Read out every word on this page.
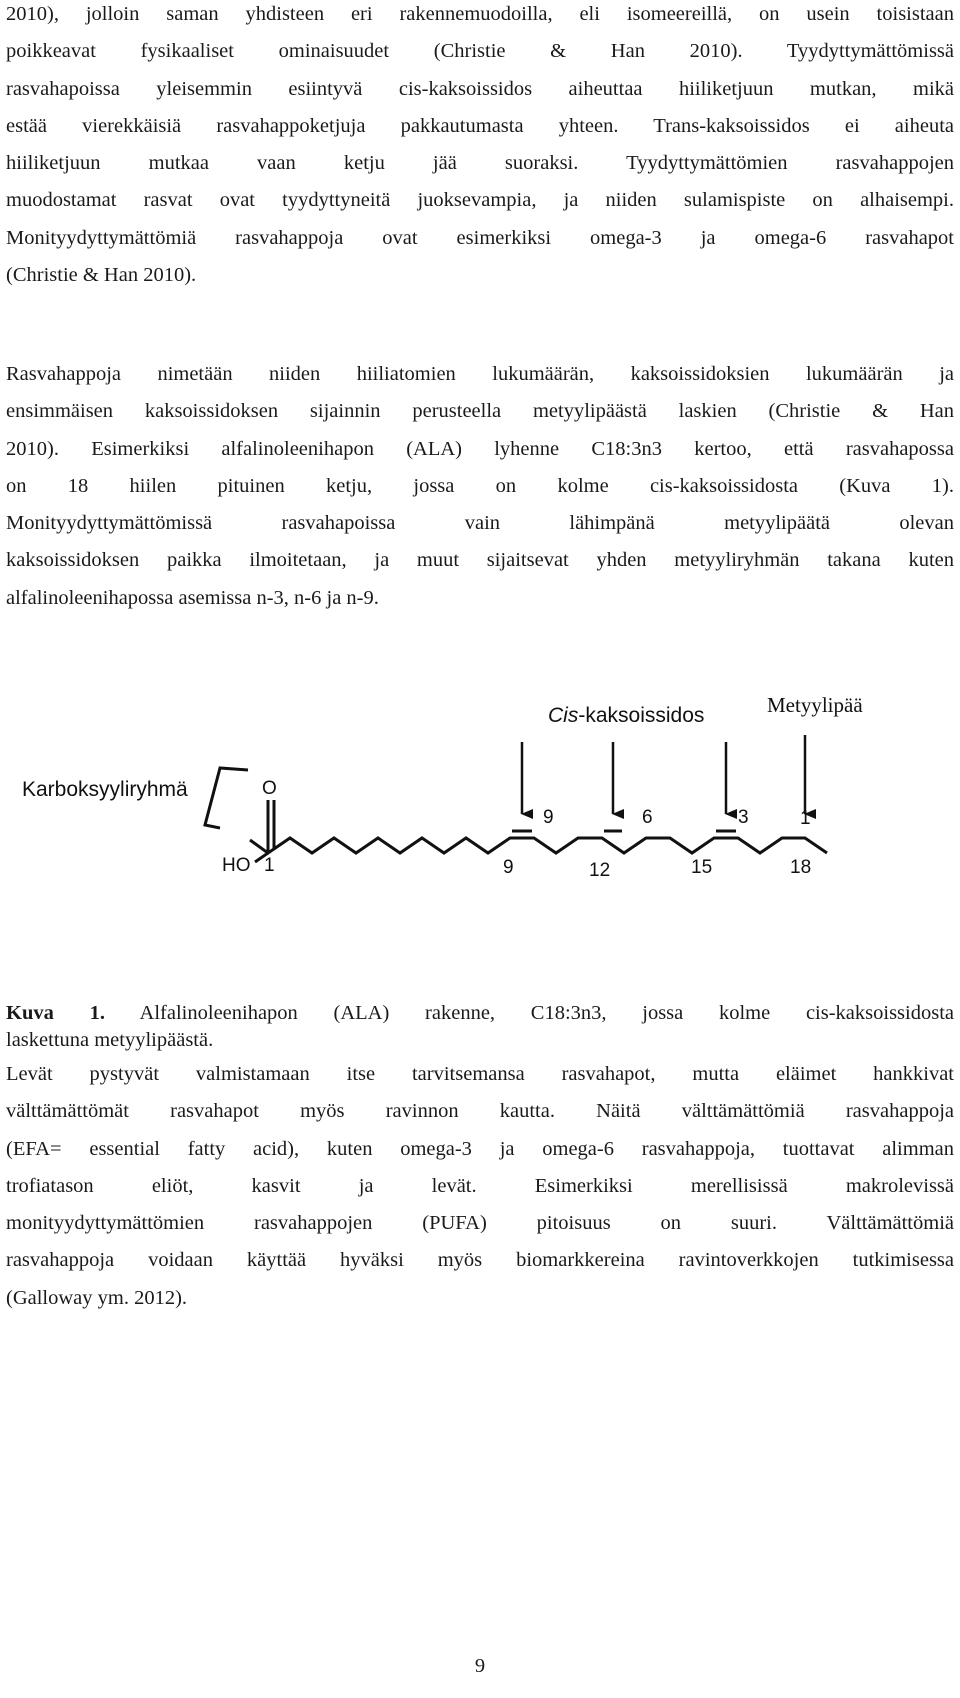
2010), jolloin saman yhdisteen eri rakennemuodoilla, eli isomeereillä, on usein toisistaan
poikkeavat fysikaaliset ominaisuudet (Christie & Han 2010). Tyydyttymättömissä
rasvahapoissa yleisemmin esiintyvä cis-kaksoissidos aiheuttaa hiiliketjuun mutkan, mikä
estää vierekkäisiä rasvahappoketjuja pakkautumasta yhteen. Trans-kaksoissidos ei aiheuta
hiiliketjuun mutkaa vaan ketju jää suoraksi. Tyydyttymättömien rasvahappojen
muodostamat rasvat ovat tyydyttyneitä juoksevampia, ja niiden sulamispiste on alhaisempi.
Monityydyttymättömiä rasvahappoja ovat esimerkiksi omega-3 ja omega-6 rasvahapot
(Christie & Han 2010).
Rasvahappoja nimetään niiden hiiliatomien lukumäärän, kaksoissidoksien lukumäärän ja
ensimmäisen kaksoissidoksen sijainnin perusteella metyylipäästä laskien (Christie & Han
2010). Esimerkiksi alfalinoleenihapon (ALA) lyhenne C18:3n3 kertoo, että rasvahapossa
on 18 hiilen pituinen ketju, jossa on kolme cis-kaksoissidosta (Kuva 1).
Monityydyttymättömissä rasvahapoissa vain lähimpänä metyylipäätä olevan
kaksoissidoksen paikka ilmoitetaan, ja muut sijaitsevat yhden metyyliryhmän takana kuten
alfalinoleenihapossa asemissa n-3, n-6 ja n-9.
Karboksyyliryhmä	O
HO
Cis-kaksoissidos	Metyylipää
9	6	3	1
1	9	12	15	18
Kuva 1. Alfalinoleenihapon (ALA) rakenne, C18:3n3, jossa kolme cis-kaksoissidosta
laskettuna metyylipäästä.
Levät pystyvät valmistamaan itse tarvitsemansa rasvahapot, mutta eläimet hankkivat
välttämättömät rasvahapot myös ravinnon kautta. Näitä välttämättömiä rasvahappoja
(EFA= essential fatty acid), kuten omega-3 ja omega-6 rasvahappoja, tuottavat alimman
trofiatason eliöt, kasvit ja levät. Esimerkiksi merellisissä makrolevissä
monityydyttymättömien rasvahappojen (PUFA) pitoisuus on suuri. Välttämättömiä
rasvahappoja voidaan käyttää hyväksi myös biomarkkereina ravintoverkkojen tutkimisessa
(Galloway ym. 2012).
9
